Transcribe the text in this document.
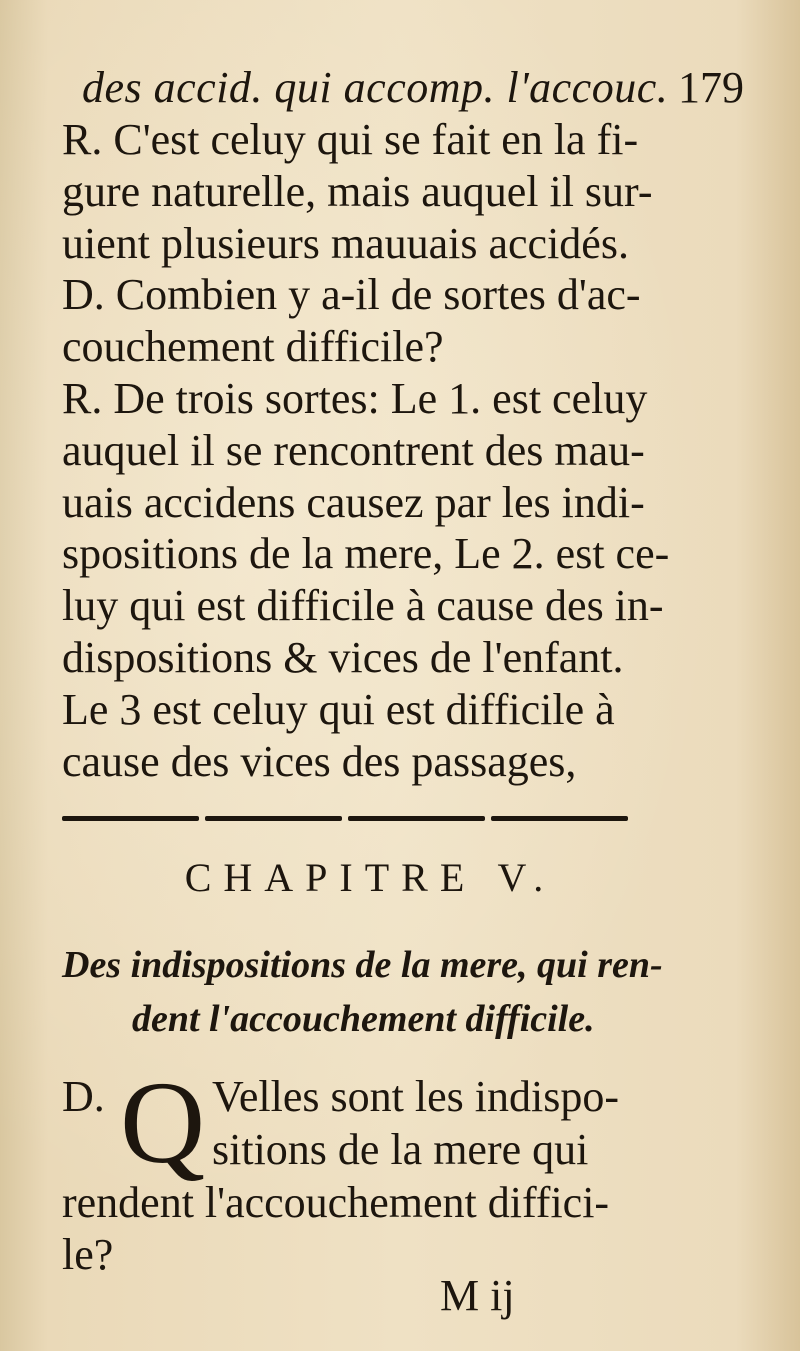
des accid. qui accomp. l'accouc. 179
R. C'est celuy qui se fait en la fi-
gure naturelle, mais auquel il sur-
uient plusieurs mauuais accidés.
D. Combien y a-il de sortes d'ac-
couchement difficile?
R. De trois sortes: Le 1. est celuy
auquel il se rencontrent des mau-
uais accidens causez par les indi-
spositions de la mere, Le 2. est ce-
luy qui est difficile à cause des in-
dispositions & vices de l'enfant.
Le 3 est celuy qui est difficile à
cause des vices des passages,
CHAPITRE V.
Des indispositions de la mere, qui ren-
dent l'accouchement difficile.
D. Q Velles sont les indispo-
sitions de la mere qui
rendent l'accouchement diffici-
le?
M ij
